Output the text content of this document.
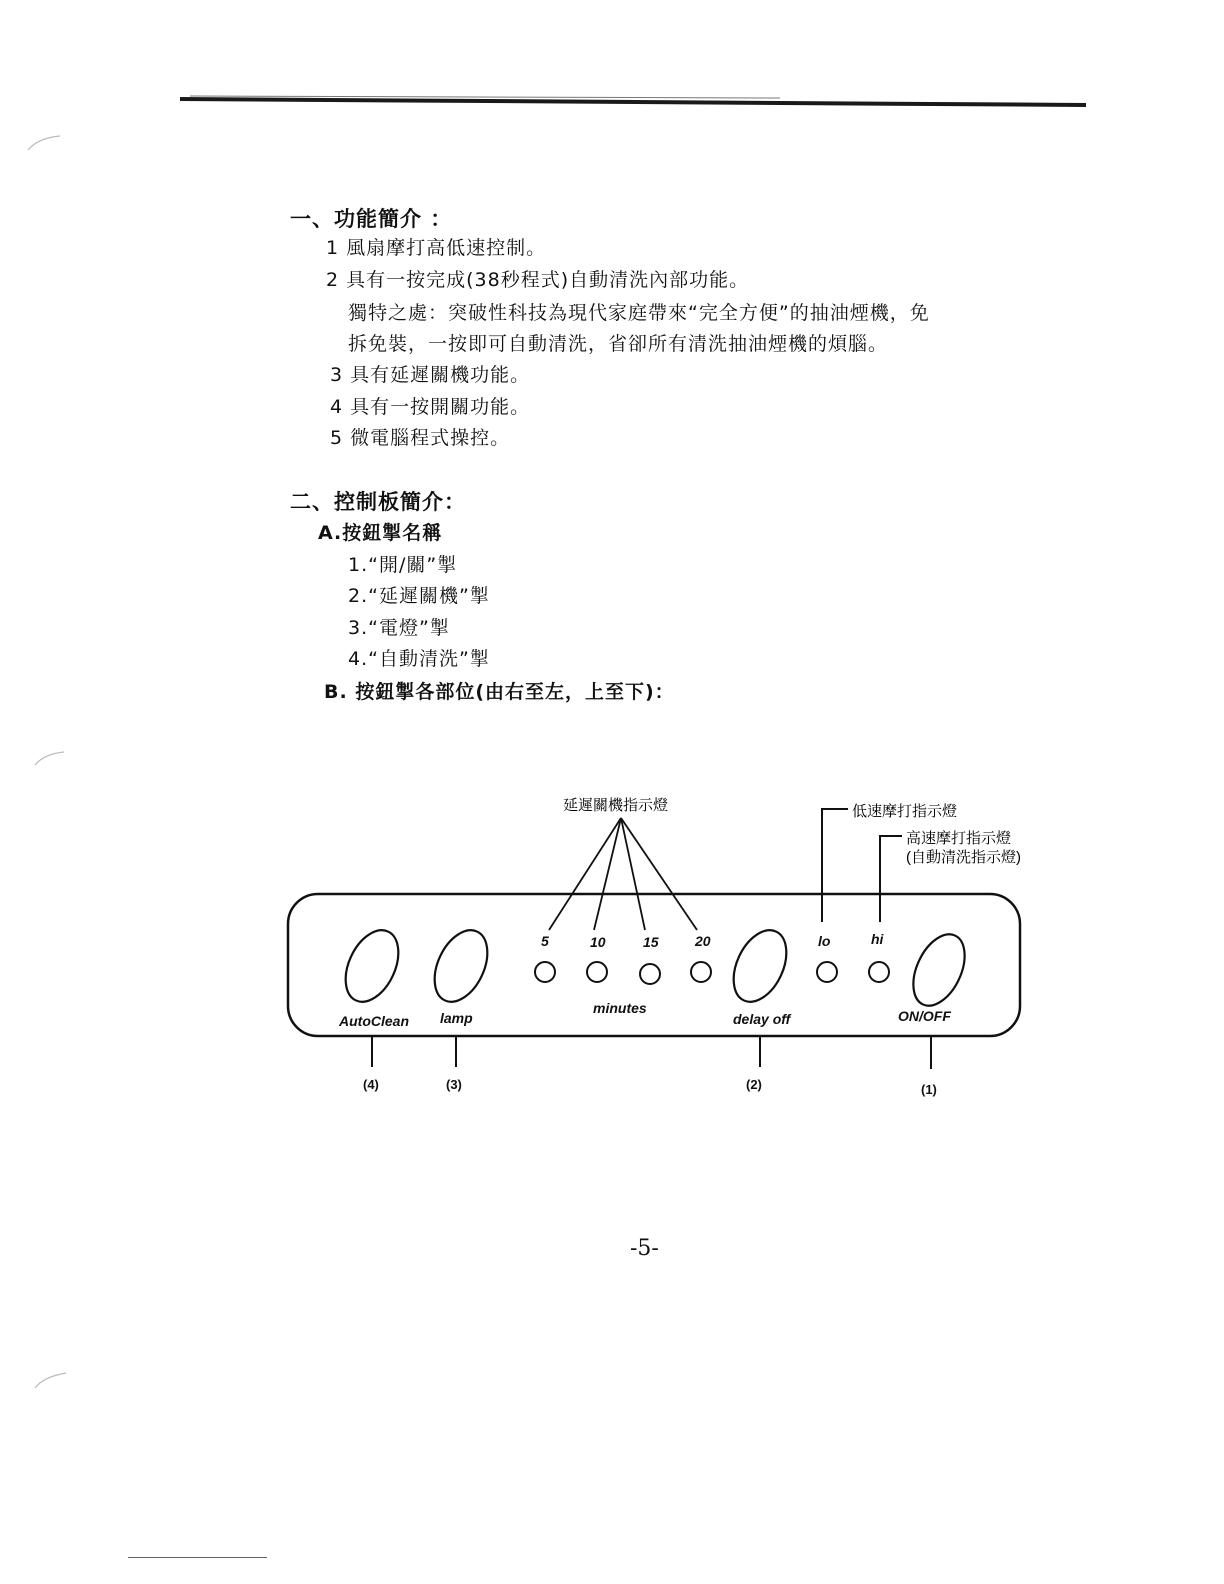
一、功能簡介 ：
1 風扇摩打高低速控制。
2 具有一按完成(38秒程式)自動清洗內部功能。
獨特之處：突破性科技為現代家庭帶來“完全方便”的抽油煙機，免
拆免裝，一按即可自動清洗，省卻所有清洗抽油煙機的煩腦。
3 具有延遲關機功能。
4 具有一按開關功能。
5 微電腦程式操控。
二、控制板簡介：
A.按鈕掣名稱
1.“開/關”掣
2.“延遲關機”掣
3.“電燈”掣
4.“自動清洗”掣
B. 按鈕掣各部位(由右至左，上至下)：
延遲關機指示燈	低速摩打指示燈
高速摩打指示燈
(自動清洗指示燈)
5	10	15	20	lo	hi
minutes
AutoClean lamp	delay off	ON/OFF
(4)	(3)	(2)	(1)
-5-
